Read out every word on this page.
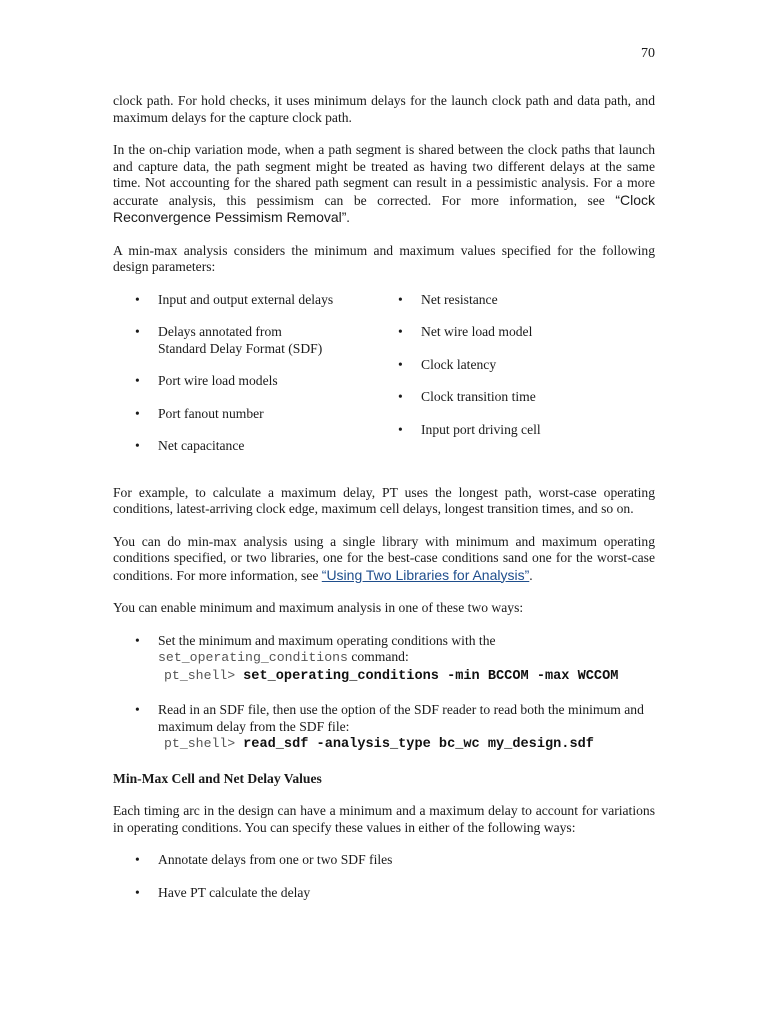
70

clock path. For hold checks, it uses minimum delays for the launch clock path and data path, and maximum delays for the capture clock path.

In the on-chip variation mode, when a path segment is shared between the clock paths that launch and capture data, the path segment might be treated as having two different delays at the same time. Not accounting for the shared path segment can result in a pessimistic analysis. For a more accurate analysis, this pessimism can be corrected. For more information, see “Clock Reconvergence Pessimism Removal”.

A min-max analysis considers the minimum and maximum values specified for the following design parameters:

• Input and output external delays
• Delays annotated from Standard Delay Format (SDF)
• Port wire load models
• Port fanout number
• Net capacitance
• Net resistance
• Net wire load model
• Clock latency
• Clock transition time
• Input port driving cell

For example, to calculate a maximum delay, PT uses the longest path, worst-case operating conditions, latest-arriving clock edge, maximum cell delays, longest transition times, and so on.

You can do min-max analysis using a single library with minimum and maximum operating conditions specified, or two libraries, one for the best-case conditions sand one for the worst-case conditions. For more information, see “Using Two Libraries for Analysis”.

You can enable minimum and maximum analysis in one of these two ways:

• Set the minimum and maximum operating conditions with the
set_operating_conditions command:
pt_shell> set_operating_conditions -min BCCOM -max WCCOM
• Read in an SDF file, then use the option of the SDF reader to read both the minimum and maximum delay from the SDF file:
pt_shell> read_sdf -analysis_type bc_wc my_design.sdf
Min-Max Cell and Net Delay Values

Each timing arc in the design can have a minimum and a maximum delay to account for variations in operating conditions. You can specify these values in either of the following ways:

• Annotate delays from one or two SDF files
• Have PT calculate the delay
